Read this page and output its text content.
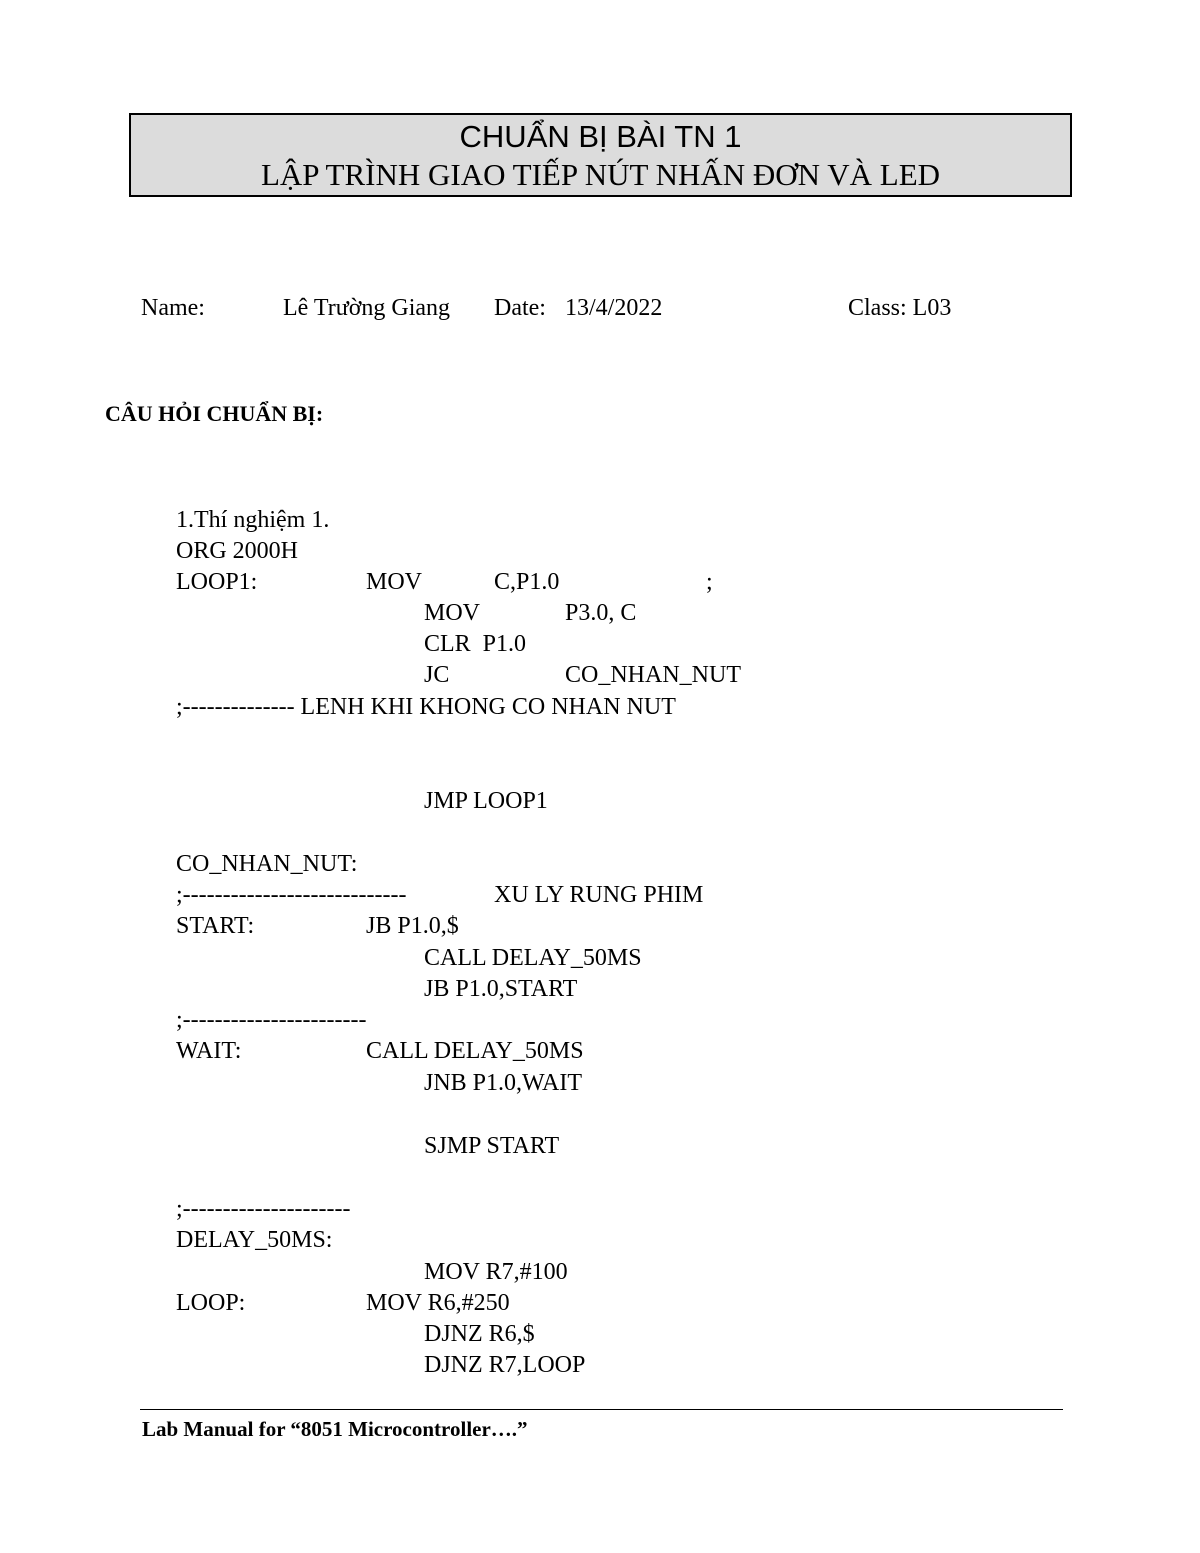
CHUẨN BỊ BÀI TN 1
LẬP TRÌNH GIAO TIẾP NÚT NHẤN ĐƠN VÀ LED
Name:	Lê Trường Giang Date: 13/4/2022	Class: L03
CÂU HỎI CHUẨN BỊ:
1.Thí nghiệm 1.
ORG 2000H
LOOP1:	MOV	C,P1.0	;
MOV	P3.0, C
CLR  P1.0
JC	CO_NHAN_NUT
;-------------- LENH KHI KHONG CO NHAN NUT
JMP LOOP1
CO_NHAN_NUT:
;----------------------------	XU LY RUNG PHIM
START:	JB P1.0,$
CALL DELAY_50MS
JB P1.0,START
;-----------------------
WAIT:	CALL DELAY_50MS
JNB P1.0,WAIT
SJMP START
;---------------------
DELAY_50MS:
MOV R7,#100
LOOP:	MOV R6,#250
DJNZ R6,$
DJNZ R7,LOOP
Lab Manual for “8051 Microcontroller….”
